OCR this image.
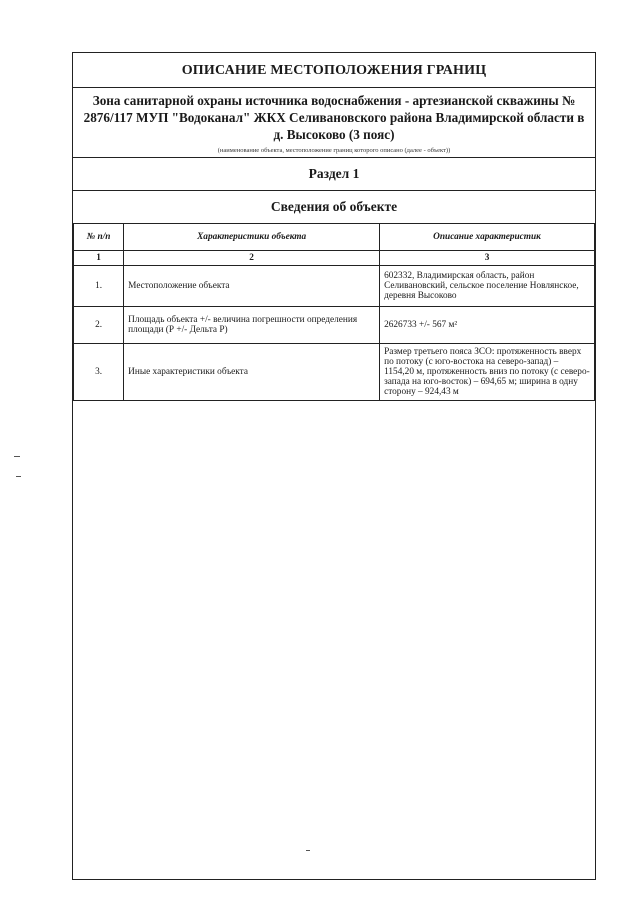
ОПИСАНИЕ МЕСТОПОЛОЖЕНИЯ ГРАНИЦ
Зона санитарной охраны источника водоснабжения - артезианской скважины № 2876/117 МУП "Водоканал" ЖКХ Селивановского района Владимирской области в д. Высоково (3 пояс)
(наименование объекта, местоположение границ которого описано (далее - объект))
Раздел 1
Сведения об объекте
№ п/п	Характеристики объекта	Описание характеристик
1	2	3
1.	Местоположение объекта	602332, Владимирская область, район Селивановский, сельское поселение Новлянское, деревня Высоково
2.	Площадь объекта +/- величина погрешности определения площади (Р +/- Дельта Р)	2626733 +/- 567 м²
3.	Иные характеристики объекта	Размер третьего пояса ЗСО: протяженность вверх по потоку (с юго-востока на северо-запад) – 1154,20 м, протяженность вниз по потоку (с северо-запада на юго-восток) – 694,65 м; ширина в одну сторону – 924,43 м
